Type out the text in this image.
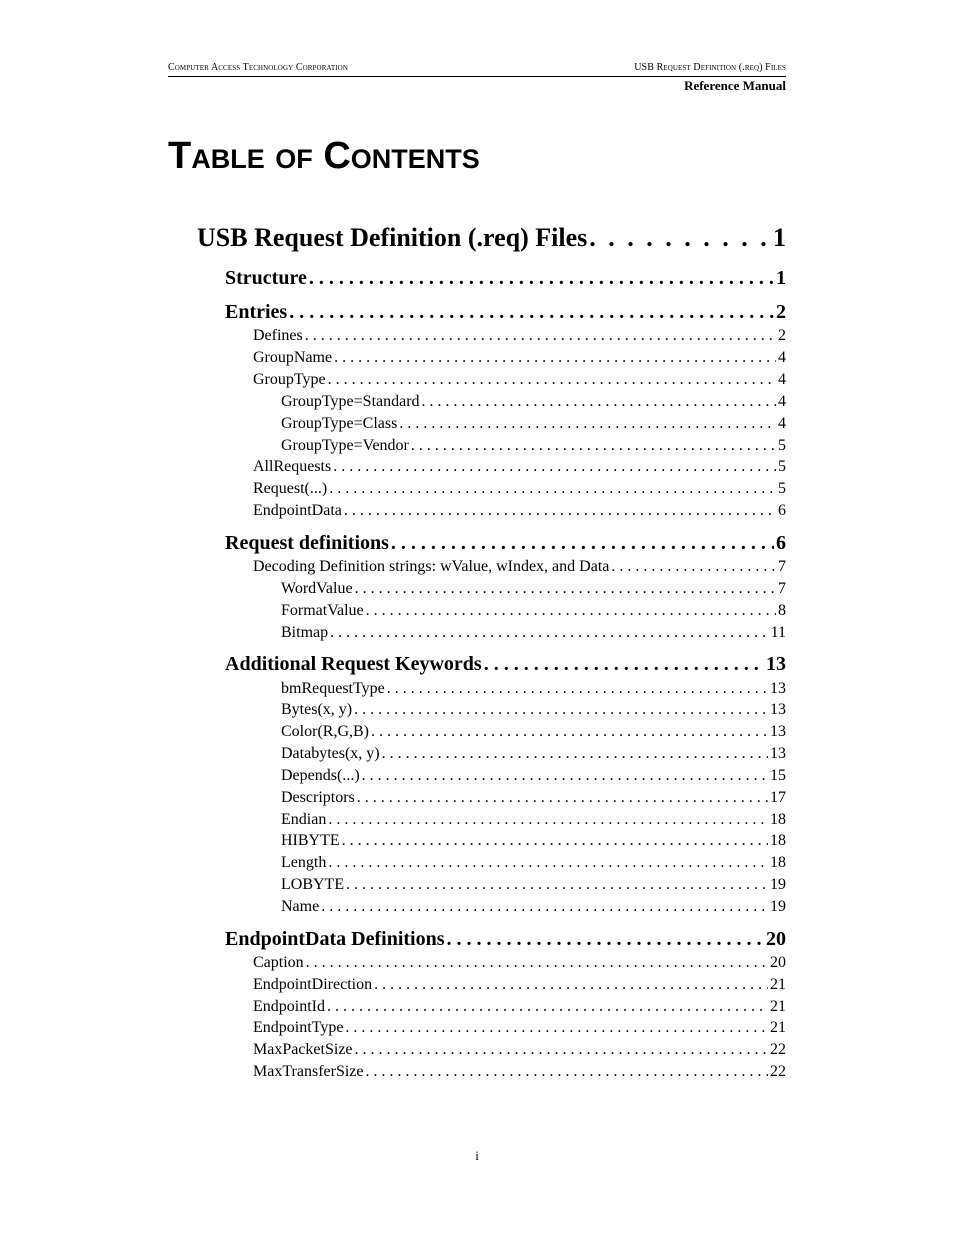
Computer Access Technology Corporation	USB Request Definition (.req) Files
Reference Manual
Table of Contents
USB Request Definition (.req) Files . . .	1
Structure . . .	1
Entries . . .	2
Defines . . .	2
GroupName . . .	4
GroupType . . .	4
GroupType=Standard . . .	4
GroupType=Class . . .	4
GroupType=Vendor . . .	5
AllRequests . . .	5
Request(...) . . .	5
EndpointData . . .	6
Request definitions . . .	6
Decoding Definition strings: wValue, wIndex, and Data . . .	7
WordValue . . .	7
FormatValue . . .	8
Bitmap . . .	11
Additional Request Keywords . . .	13
bmRequestType . . .	13
Bytes(x, y) . . .	13
Color(R,G,B) . . .	13
Databytes(x, y) . . .	13
Depends(...) . . .	15
Descriptors . . .	17
Endian . . .	18
HIBYTE . . .	18
Length . . .	18
LOBYTE . . .	19
Name . . .	19
EndpointData Definitions . . .	20
Caption . . .	20
EndpointDirection . . .	21
EndpointId . . .	21
EndpointType . . .	21
MaxPacketSize . . .	22
MaxTransferSize . . .	22
i
